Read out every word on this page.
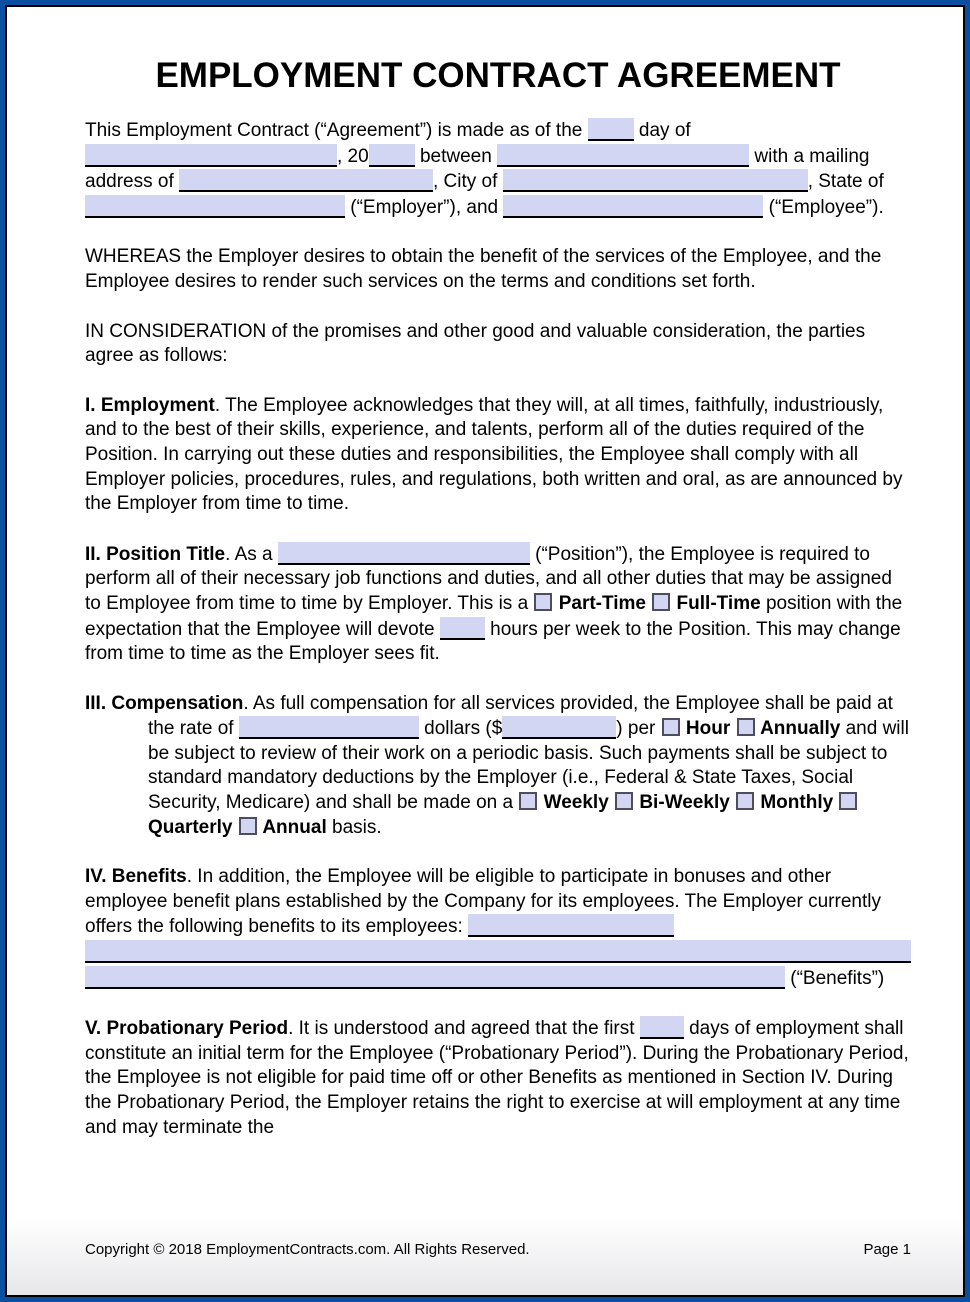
EMPLOYMENT CONTRACT AGREEMENT

This Employment Contract (“Agreement”) is made as of the  day of , 20 between	with a mailing address of	, City of	, State of  (“Employer”), and	(“Employee”).

WHEREAS the Employer desires to obtain the benefit of the services of the Employee, and the Employee desires to render such services on the terms and conditions set forth.

IN CONSIDERATION of the promises and other good and valuable consideration, the parties agree as follows:

I. Employment. The Employee acknowledges that they will, at all times, faithfully, industriously, and to the best of their skills, experience, and talents, perform all of the duties required of the Position. In carrying out these duties and responsibilities, the Employee shall comply with all Employer policies, procedures, rules, and regulations, both written and oral, as are announced by the Employer from time to time.

II. Position Title. As a	(“Position”), the Employee is required to perform all of their necessary job functions and duties, and all other duties that may be assigned to Employee from time to time by Employer. This is a  Part-Time  Full-Time position with the expectation that the Employee will devote  hours per week to the Position. This may change from time to time as the Employer sees fit.

III. Compensation. As full compensation for all services provided, the Employee shall be paid at the rate of	dollars ($	) per  Hour  Annually and will be subject to review of their work on a periodic basis. Such payments shall be subject to standard mandatory deductions by the Employer (i.e., Federal & State Taxes, Social Security, Medicare) and shall be made on a  Weekly  Bi-Weekly  Monthly  Quarterly  Annual basis.

IV. Benefits. In addition, the Employee will be eligible to participate in bonuses and other employee benefit plans established by the Company for its employees. The Employer currently offers the following benefits to its employees:  (“Benefits”)

V. Probationary Period. It is understood and agreed that the first  days of employment shall constitute an initial term for the Employee (“Probationary Period”). During the Probationary Period, the Employee is not eligible for paid time off or other Benefits as mentioned in Section IV. During the Probationary Period, the Employer retains the right to exercise at will employment at any time and may terminate the

Copyright © 2018 EmploymentContracts.com. All Rights Reserved.	Page 1
